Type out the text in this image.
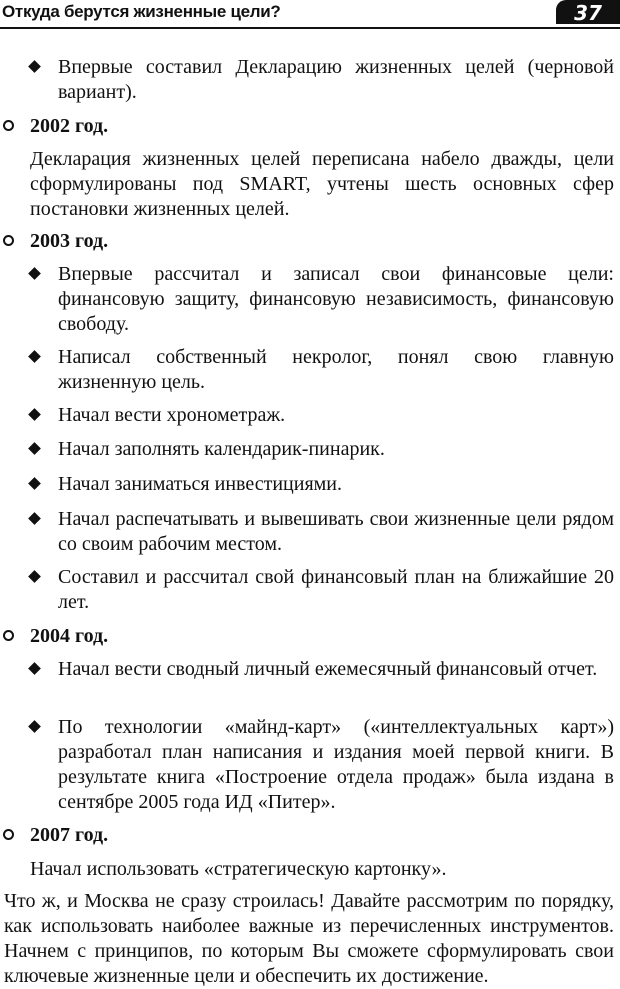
Откуда берутся жизненные цели?	37

Впервые составил Декларацию жизненных целей (черновой вариант).

2002 год.

Декларация жизненных целей переписана набело дважды, цели сформулированы под SMART, учтены шесть основных сфер постановки жизненных целей.

2003 год.

Впервые рассчитал и записал свои финансовые цели: финансовую защиту, финансовую независимость, финансовую свободу.

Написал собственный некролог, понял свою главную жизненную цель.

Начал вести хронометраж.

Начал заполнять календарик-пинарик.

Начал заниматься инвестициями.

Начал распечатывать и вывешивать свои жизненные цели рядом со своим рабочим местом.

Составил и рассчитал свой финансовый план на ближайшие 20 лет.

2004 год.

Начал вести сводный личный ежемесячный финансовый отчет.

По технологии «майнд-карт» («интеллектуальных карт») разработал план написания и издания моей первой книги. В результате книга «Построение отдела продаж» была издана в сентябре 2005 года ИД «Питер».

2007 год.

Начал использовать «стратегическую картонку».

Что ж, и Москва не сразу строилась! Давайте рассмотрим по порядку, как использовать наиболее важные из перечисленных инструментов. Начнем с принципов, по которым Вы сможете сформулировать свои ключевые жизненные цели и обеспечить их достижение.
